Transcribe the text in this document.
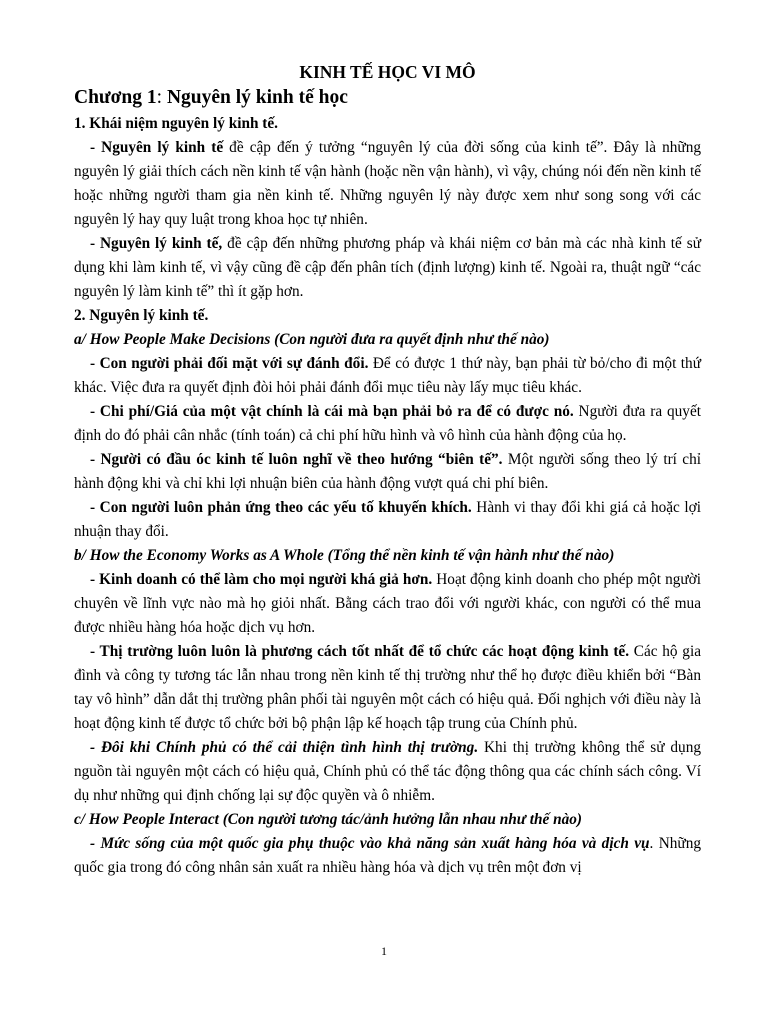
KINH TẾ HỌC VI MÔ
Chương 1: Nguyên lý kinh tế học
1. Khái niệm nguyên lý kinh tế.

- Nguyên lý kinh tế đề cập đến ý tưởng “nguyên lý của đời sống của kinh tế”. Đây là những nguyên lý giải thích cách nền kinh tế vận hành (hoặc nền vận hành), vì vậy, chúng nói đến nền kinh tế hoặc những người tham gia nền kinh tế. Những nguyên lý này được xem như song song với các nguyên lý hay quy luật trong khoa học tự nhiên.

- Nguyên lý kinh tế, đề cập đến những phương pháp và khái niệm cơ bản mà các nhà kinh tế sử dụng khi làm kinh tế, vì vậy cũng đề cập đến phân tích (định lượng) kinh tế. Ngoài ra, thuật ngữ “các nguyên lý làm kinh tế” thì ít gặp hơn.

2. Nguyên lý kinh tế.
a/ How People Make Decisions (Con người đưa ra quyết định như thế nào)

- Con người phải đối mặt với sự đánh đổi. Để có được 1 thứ này, bạn phải từ bỏ/cho đi một thứ khác. Việc đưa ra quyết định đòi hỏi phải đánh đổi mục tiêu này lấy mục tiêu khác.

- Chi phí/Giá của một vật chính là cái mà bạn phải bỏ ra để có được nó. Người đưa ra quyết định do đó phải cân nhắc (tính toán) cả chi phí hữu hình và vô hình của hành động của họ.

- Người có đầu óc kinh tế luôn nghĩ về theo hướng “biên tế”. Một người sống theo lý trí chỉ hành động khi và chỉ khi lợi nhuận biên của hành động vượt quá chi phí biên.

- Con người luôn phản ứng theo các yếu tố khuyến khích. Hành vi thay đổi khi giá cả hoặc lợi nhuận thay đổi.

b/ How the Economy Works as A Whole (Tổng thể nền kinh tế vận hành như thế nào)

- Kinh doanh có thể làm cho mọi người khá giả hơn. Hoạt động kinh doanh cho phép một người chuyên về lĩnh vực nào mà họ giỏi nhất. Bằng cách trao đổi với người khác, con người có thể mua được nhiều hàng hóa hoặc dịch vụ hơn.

- Thị trường luôn luôn là phương cách tốt nhất để tổ chức các hoạt động kinh tế. Các hộ gia đình và công ty tương tác lẫn nhau trong nền kinh tế thị trường như thể họ được điều khiển bởi “Bàn tay vô hình” dẫn dắt thị trường phân phối tài nguyên một cách có hiệu quả. Đối nghịch với điều này là hoạt động kinh tế được tổ chức bởi bộ phận lập kế hoạch tập trung của Chính phủ.

- Đôi khi Chính phủ có thể cải thiện tình hình thị trường. Khi thị trường không thể sử dụng nguồn tài nguyên một cách có hiệu quả, Chính phủ có thể tác động thông qua các chính sách công. Ví dụ như những qui định chống lại sự độc quyền và ô nhiễm.

c/ How People Interact (Con người tương tác/ảnh hưởng lẫn nhau như thế nào)

- Mức sống của một quốc gia phụ thuộc vào khả năng sản xuất hàng hóa và dịch vụ. Những quốc gia trong đó công nhân sản xuất ra nhiều hàng hóa và dịch vụ trên một đơn vị

1
